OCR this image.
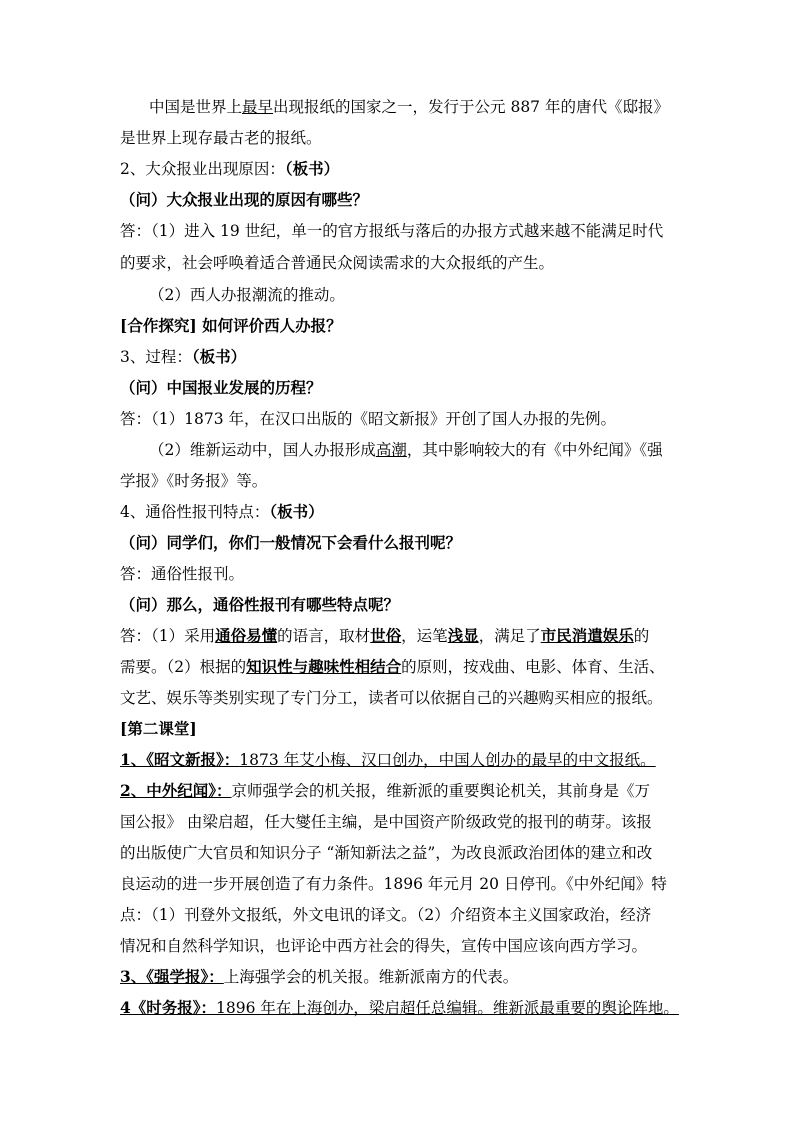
中国是世界上最早出现报纸的国家之一，发行于公元 887 年的唐代《邸报》
是世界上现存最古老的报纸。
2、大众报业出现原因：（板书）
（问）大众报业出现的原因有哪些？
答：（1）进入 19 世纪，单一的官方报纸与落后的办报方式越来越不能满足时代
的要求，社会呼唤着适合普通民众阅读需求的大众报纸的产生。
（2）西人办报潮流的推动。
[合作探究] 如何评价西人办报？
3、过程：（板书）
（问）中国报业发展的历程？
答：（1）1873 年，在汉口出版的《昭文新报》开创了国人办报的先例。
（2）维新运动中，国人办报形成高潮，其中影响较大的有《中外纪闻》《强
学报》《时务报》等。
4、通俗性报刊特点：（板书）
（问）同学们，你们一般情况下会看什么报刊呢？
答：通俗性报刊。
（问）那么，通俗性报刊有哪些特点呢？
答：（1）采用通俗易懂的语言，取材世俗，运笔浅显，满足了市民消遣娱乐的
需要。（2）根据的知识性与趣味性相结合的原则，按戏曲、电影、体育、生活、
文艺、娱乐等类别实现了专门分工，读者可以依据自己的兴趣购买相应的报纸。
[第二课堂]
1、《昭文新报》：1873 年艾小梅、汉口创办，中国人创办的最早的中文报纸。
2、中外纪闻》：京师强学会的机关报，维新派的重要舆论机关，其前身是《万
国公报》 由梁启超，任大燮任主编，是中国资产阶级政党的报刊的萌芽。该报
的出版使广大官员和知识分子 “渐知新法之益”，为改良派政治团体的建立和改
良运动的进一步开展创造了有力条件。1896 年元月 20 日停刊。《中外纪闻》特
点：（1）刊登外文报纸，外文电讯的译文。（2）介绍资本主义国家政治，经济
情况和自然科学知识，也评论中西方社会的得失，宣传中国应该向西方学习。
3、《强学报》：上海强学会的机关报。维新派南方的代表。
4《时务报》：1896 年在上海创办，梁启超任总编辑。维新派最重要的舆论阵地。
